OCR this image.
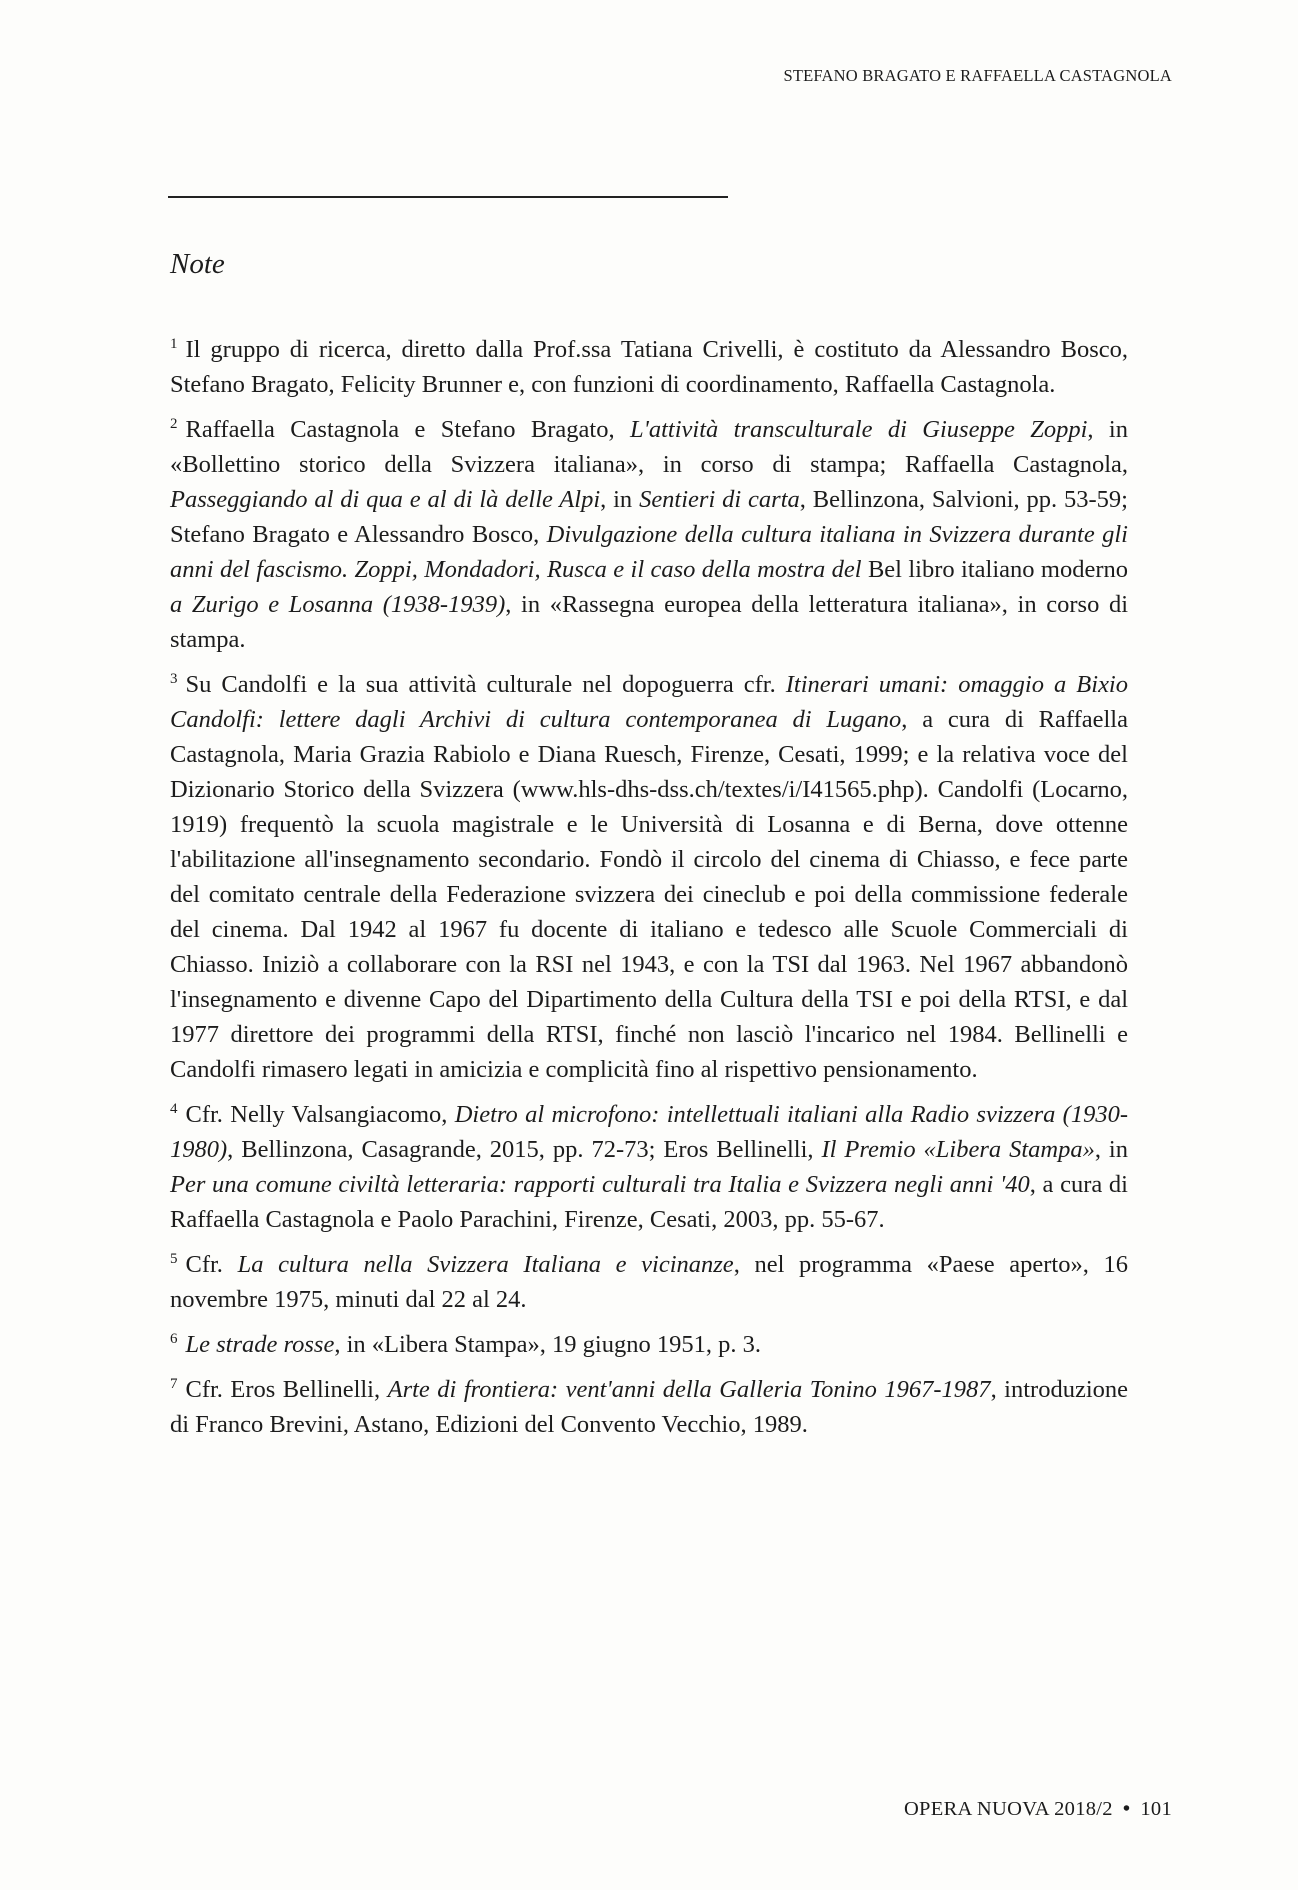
STEFANO BRAGATO E RAFFAELLA CASTAGNOLA
Note

$^1$ Il gruppo di ricerca, diretto dalla Prof.ssa Tatiana Crivelli, è costituto da Alessandro Bosco, Stefano Bragato, Felicity Brunner e, con funzioni di coordinamento, Raffaella Castagnola.

$^2$ Raffaella Castagnola e Stefano Bragato, L'attività transculturale di Giuseppe Zoppi, in «Bollettino storico della Svizzera italiana», in corso di stampa; Raffaella Castagnola, Passeggiando al di qua e al di là delle Alpi, in Sentieri di carta, Bellinzona, Salvioni, pp. 53-59; Stefano Bragato e Alessandro Bosco, Divulgazione della cultura italiana in Svizzera durante gli anni del fascismo. Zoppi, Mondadori, Rusca e il caso della mostra del Bel libro italiano moderno a Zurigo e Losanna (1938-1939), in «Rassegna europea della letteratura italiana», in corso di stampa.

$^3$ Su Candolfi e la sua attività culturale nel dopoguerra cfr. Itinerari umani: omaggio a Bixio Candolfi: lettere dagli Archivi di cultura contemporanea di Lugano, a cura di Raffaella Castagnola, Maria Grazia Rabiolo e Diana Ruesch, Firenze, Cesati, 1999; e la relativa voce del Dizionario Storico della Svizzera (www.hls-dhs-dss.ch/textes/i/I41565.php). Candolfi (Locarno, 1919) frequentò la scuola magistrale e le Università di Losanna e di Berna, dove ottenne l'abilitazione all'insegnamento secondario. Fondò il circolo del cinema di Chiasso, e fece parte del comitato centrale della Federazione svizzera dei cineclub e poi della commissione federale del cinema. Dal 1942 al 1967 fu docente di italiano e tedesco alle Scuole Commerciali di Chiasso. Iniziò a collaborare con la RSI nel 1943, e con la TSI dal 1963. Nel 1967 abbandonò l'insegnamento e divenne Capo del Dipartimento della Cultura della TSI e poi della RTSI, e dal 1977 direttore dei programmi della RTSI, finché non lasciò l'incarico nel 1984. Bellinelli e Candolfi rimasero legati in amicizia e complicità fino al rispettivo pensionamento.

$^4$ Cfr. Nelly Valsangiacomo, Dietro al microfono: intellettuali italiani alla Radio svizzera (1930-1980), Bellinzona, Casagrande, 2015, pp. 72-73; Eros Bellinelli, Il Premio «Libera Stampa», in Per una comune civiltà letteraria: rapporti culturali tra Italia e Svizzera negli anni '40, a cura di Raffaella Castagnola e Paolo Parachini, Firenze, Cesati, 2003, pp. 55-67.

$^5$ Cfr. La cultura nella Svizzera Italiana e vicinanze, nel programma «Paese aperto», 16 novembre 1975, minuti dal 22 al 24.

$^6$ Le strade rosse, in «Libera Stampa», 19 giugno 1951, p. 3.

$^7$ Cfr. Eros Bellinelli, Arte di frontiera: vent'anni della Galleria Tonino 1967-1987, introduzione di Franco Brevini, Astano, Edizioni del Convento Vecchio, 1989.

OPERA NUOVA 2018/2 • 101
